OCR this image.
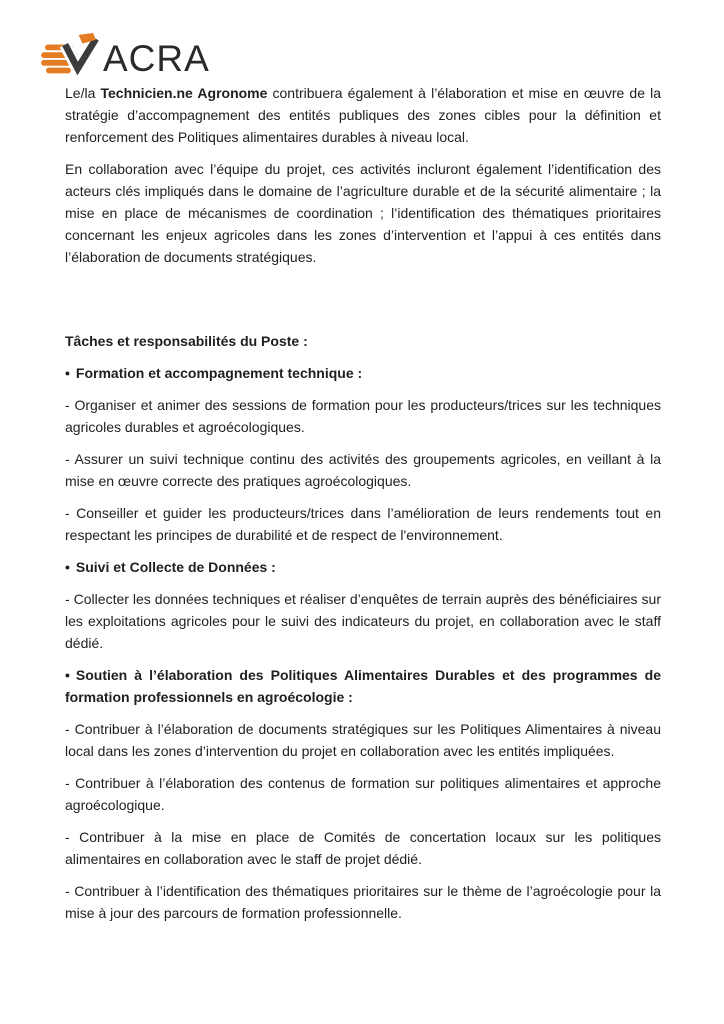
ACRA

Le/la Technicien.ne Agronome contribuera également à l’élaboration et mise en œuvre de la stratégie d’accompagnement des entités publiques des zones cibles pour la définition et renforcement des Politiques alimentaires durables à niveau local.

En collaboration avec l’équipe du projet, ces activités incluront également l’identification des acteurs clés impliqués dans le domaine de l’agriculture durable et de la sécurité alimentaire ; la mise en place de mécanismes de coordination ; l’identification des thématiques prioritaires concernant les enjeux agricoles dans les zones d’intervention et l’appui à ces entités dans l’élaboration de documents stratégiques.

Tâches et responsabilités du Poste :

• Formation et accompagnement technique :

- Organiser et animer des sessions de formation pour les producteurs/trices sur les techniques agricoles durables et agroécologiques.

- Assurer un suivi technique continu des activités des groupements agricoles, en veillant à la mise en œuvre correcte des pratiques agroécologiques.

- Conseiller et guider les producteurs/trices dans l’amélioration de leurs rendements tout en respectant les principes de durabilité et de respect de l'environnement.

• Suivi et Collecte de Données :

- Collecter les données techniques et réaliser d’enquêtes de terrain auprès des bénéficiaires sur les exploitations agricoles pour le suivi des indicateurs du projet, en collaboration avec le staff dédié.

• Soutien à l’élaboration des Politiques Alimentaires Durables et des programmes de formation professionnels en agroécologie :

- Contribuer à l’élaboration de documents stratégiques sur les Politiques Alimentaires à niveau local dans les zones d’intervention du projet en collaboration avec les entités impliquées.

- Contribuer à l’élaboration des contenus de formation sur politiques alimentaires et approche agroécologique.

- Contribuer à la mise en place de Comités de concertation locaux sur les politiques alimentaires en collaboration avec le staff de projet dédié.

- Contribuer à l’identification des thématiques prioritaires sur le thème de l’agroécologie pour la mise à jour des parcours de formation professionnelle.
